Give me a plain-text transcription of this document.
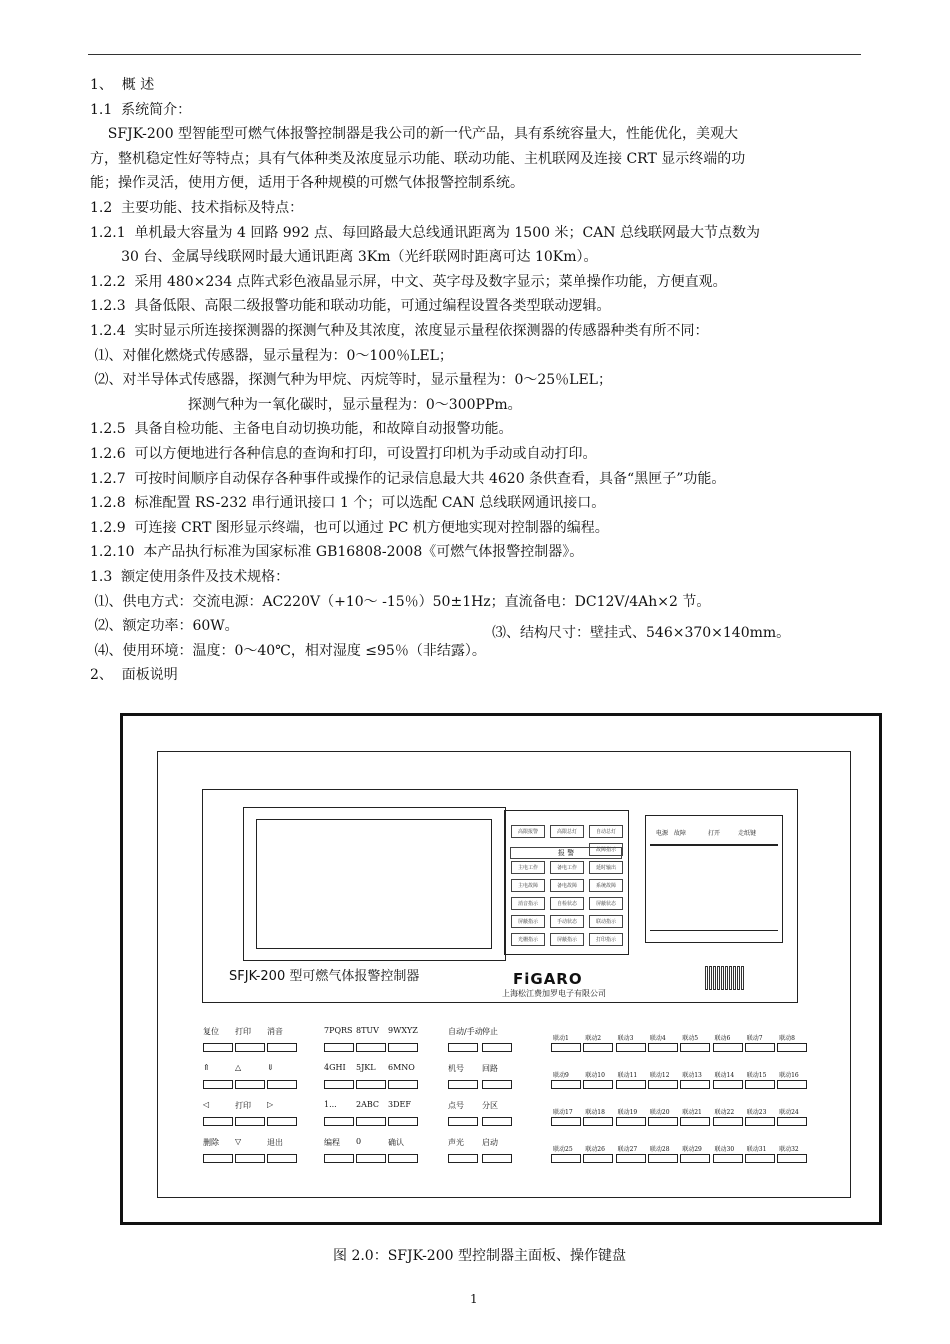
1、  概 述
1.1  系统简介：
SFJK-200 型智能型可燃气体报警控制器是我公司的新一代产品，具有系统容量大，性能优化，美观大
方，整机稳定性好等特点；具有气体种类及浓度显示功能、联动功能、主机联网及连接 CRT 显示终端的功
能；操作灵活，使用方便，适用于各种规模的可燃气体报警控制系统。
1.2  主要功能、技术指标及特点：
1.2.1  单机最大容量为 4 回路 992 点、每回路最大总线通讯距离为 1500 米；CAN 总线联网最大节点数为
30 台、金属导线联网时最大通讯距离 3Km（光纤联网时距离可达 10Km）。
1.2.2  采用 480×234 点阵式彩色液晶显示屏，中文、英字母及数字显示；菜单操作功能，方便直观。
1.2.3  具备低限、高限二级报警功能和联动功能，可通过编程设置各类型联动逻辑。
1.2.4  实时显示所连接探测器的探测气种及其浓度，浓度显示量程依探测器的传感器种类有所不同：
⑴、对催化燃烧式传感器，显示量程为：0～100％LEL；
⑵、对半导体式传感器，探测气种为甲烷、丙烷等时，显示量程为：0～25％LEL；
探测气种为一氧化碳时，显示量程为：0～300PPm。
1.2.5  具备自检功能、主备电自动切换功能，和故障自动报警功能。
1.2.6  可以方便地进行各种信息的查询和打印，可设置打印机为手动或自动打印。
1.2.7  可按时间顺序自动保存各种事件或操作的记录信息最大共 4620 条供查看，具备“黑匣子”功能。
1.2.8  标准配置 RS-232 串行通讯接口 1 个；可以选配 CAN 总线联网通讯接口。
1.2.9  可连接 CRT 图形显示终端，也可以通过 PC 机方便地实现对控制器的编程。
1.2.10  本产品执行标准为国家标准 GB16808-2008《可燃气体报警控制器》。
1.3  额定使用条件及技术规格：
⑴、供电方式：交流电源：AC220V（+10～ -15％）50±1Hz；直流备电：DC12V/4Ah×2 节。
⑵、额定功率：60W。
⑷、使用环境：温度：0～40℃，相对湿度 ≤95％（非结露）。
2、  面板说明
⑶、结构尺寸：壁挂式、546×370×140mm。
SFJK-200 型可燃气体报警控制器
报 警
高限报警	高限总灯	自动总灯
故障指示
主电工作	备电工作	延时输出
主电故障	备电故障	系统故障
消音指示	自检状态	屏蔽状态
屏蔽指示	手动状态	联动指示
光栅指示	屏蔽指示	打印指示
电源 故障	打开	走纸键
FiGARO
上海松江费加罗电子有限公司
复位 打印 消音
⇑	△	⇓
◁	打印 ▷
删除 ▽	退出
7PQRS 8TUV 9WXYZ
4GHI 5JKL 6MNO
1... 2ABC 3DEF
编程 0	确认
自动/手动 停止
机号 回路
点号 分区
声光 启动
联动1	联动2	联动3	联动4	联动5	联动6	联动7	联动8
联动9	联动10 联动11 联动12 联动13 联动14 联动15 联动16
联动17 联动18 联动19 联动20 联动21 联动22 联动23 联动24
联动25 联动26 联动27 联动28 联动29 联动30 联动31 联动32
图 2.0：SFJK-200 型控制器主面板、操作键盘
1
